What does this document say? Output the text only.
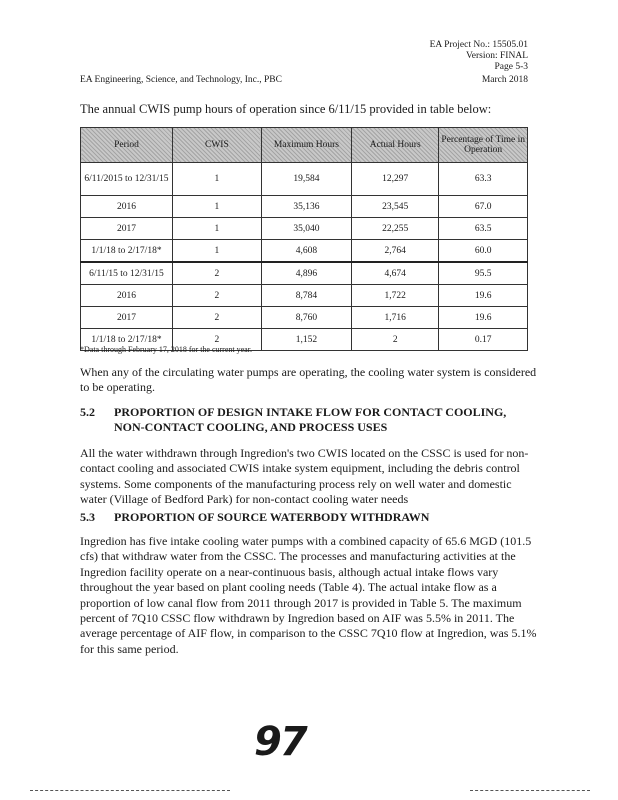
EA Project No.: 15505.01
Version: FINAL
Page 5-3
EA Engineering, Science, and Technology, Inc., PBC	March 2018
The annual CWIS pump hours of operation since 6/11/15 provided in table below:
Period	CWIS	Maximum Hours	Actual Hours	Percentage of Time in Operation
6/11/2015 to 12/31/15	1	19,584	12,297	63.3
2016	1	35,136	23,545	67.0
2017	1	35,040	22,255	63.5
1/1/18 to 2/17/18*	1	4,608	2,764	60.0
6/11/15 to 12/31/15	2	4,896	4,674	95.5
2016	2	8,784	1,722	19.6
2017	2	8,760	1,716	19.6
1/1/18 to 2/17/18*	2	1,152	2	0.17
*Data through February 17, 2018 for the current year.
When any of the circulating water pumps are operating, the cooling water system is considered to be operating.
5.2 PROPORTION OF DESIGN INTAKE FLOW FOR CONTACT COOLING, NON-CONTACT COOLING, AND PROCESS USES
All the water withdrawn through Ingredion's two CWIS located on the CSSC is used for non-contact cooling and associated CWIS intake system equipment, including the debris control systems. Some components of the manufacturing process rely on well water and domestic water (Village of Bedford Park) for non-contact cooling water needs
5.3 PROPORTION OF SOURCE WATERBODY WITHDRAWN
Ingredion has five intake cooling water pumps with a combined capacity of 65.6 MGD (101.5 cfs) that withdraw water from the CSSC. The processes and manufacturing activities at the Ingredion facility operate on a near-continuous basis, although actual intake flows vary throughout the year based on plant cooling needs (Table 4). The actual intake flow as a proportion of low canal flow from 2011 through 2017 is provided in Table 5. The maximum percent of 7Q10 CSSC flow withdrawn by Ingredion based on AIF was 5.5% in 2011. The average percentage of AIF flow, in comparison to the CSSC 7Q10 flow at Ingredion, was 5.1% for this same period.
97
